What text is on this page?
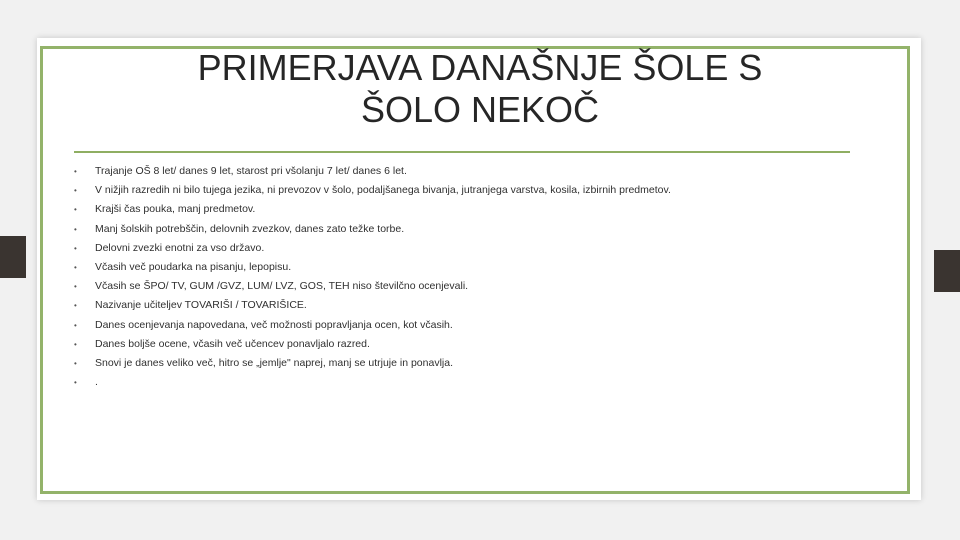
PRIMERJAVA DANAŠNJE ŠOLE S
ŠOLO NEKOČ
• Trajanje OŠ 8 let/ danes 9 let, starost pri všolanju 7 let/ danes 6 let.
• V nižjih razredih ni bilo tujega jezika, ni prevozov v šolo, podaljšanega bivanja, jutranjega varstva, kosila, izbirnih predmetov.
• Krajši čas pouka, manj predmetov.
• Manj šolskih potrebščin, delovnih zvezkov, danes zato težke torbe.
• Delovni zvezki enotni za vso državo.
• Včasih več poudarka na pisanju, lepopisu.
• Včasih se ŠPO/ TV, GUM /GVZ, LUM/ LVZ, GOS, TEH niso številčno ocenjevali.
• Nazivanje učiteljev TOVARIŠI / TOVARIŠICE.
• Danes ocenjevanja napovedana, več možnosti popravljanja ocen, kot včasih.
• Danes boljše ocene, včasih več učencev ponavljalo razred.
• Snovi je danes veliko več, hitro se „jemlje" naprej, manj se utrjuje in ponavlja.
• .
